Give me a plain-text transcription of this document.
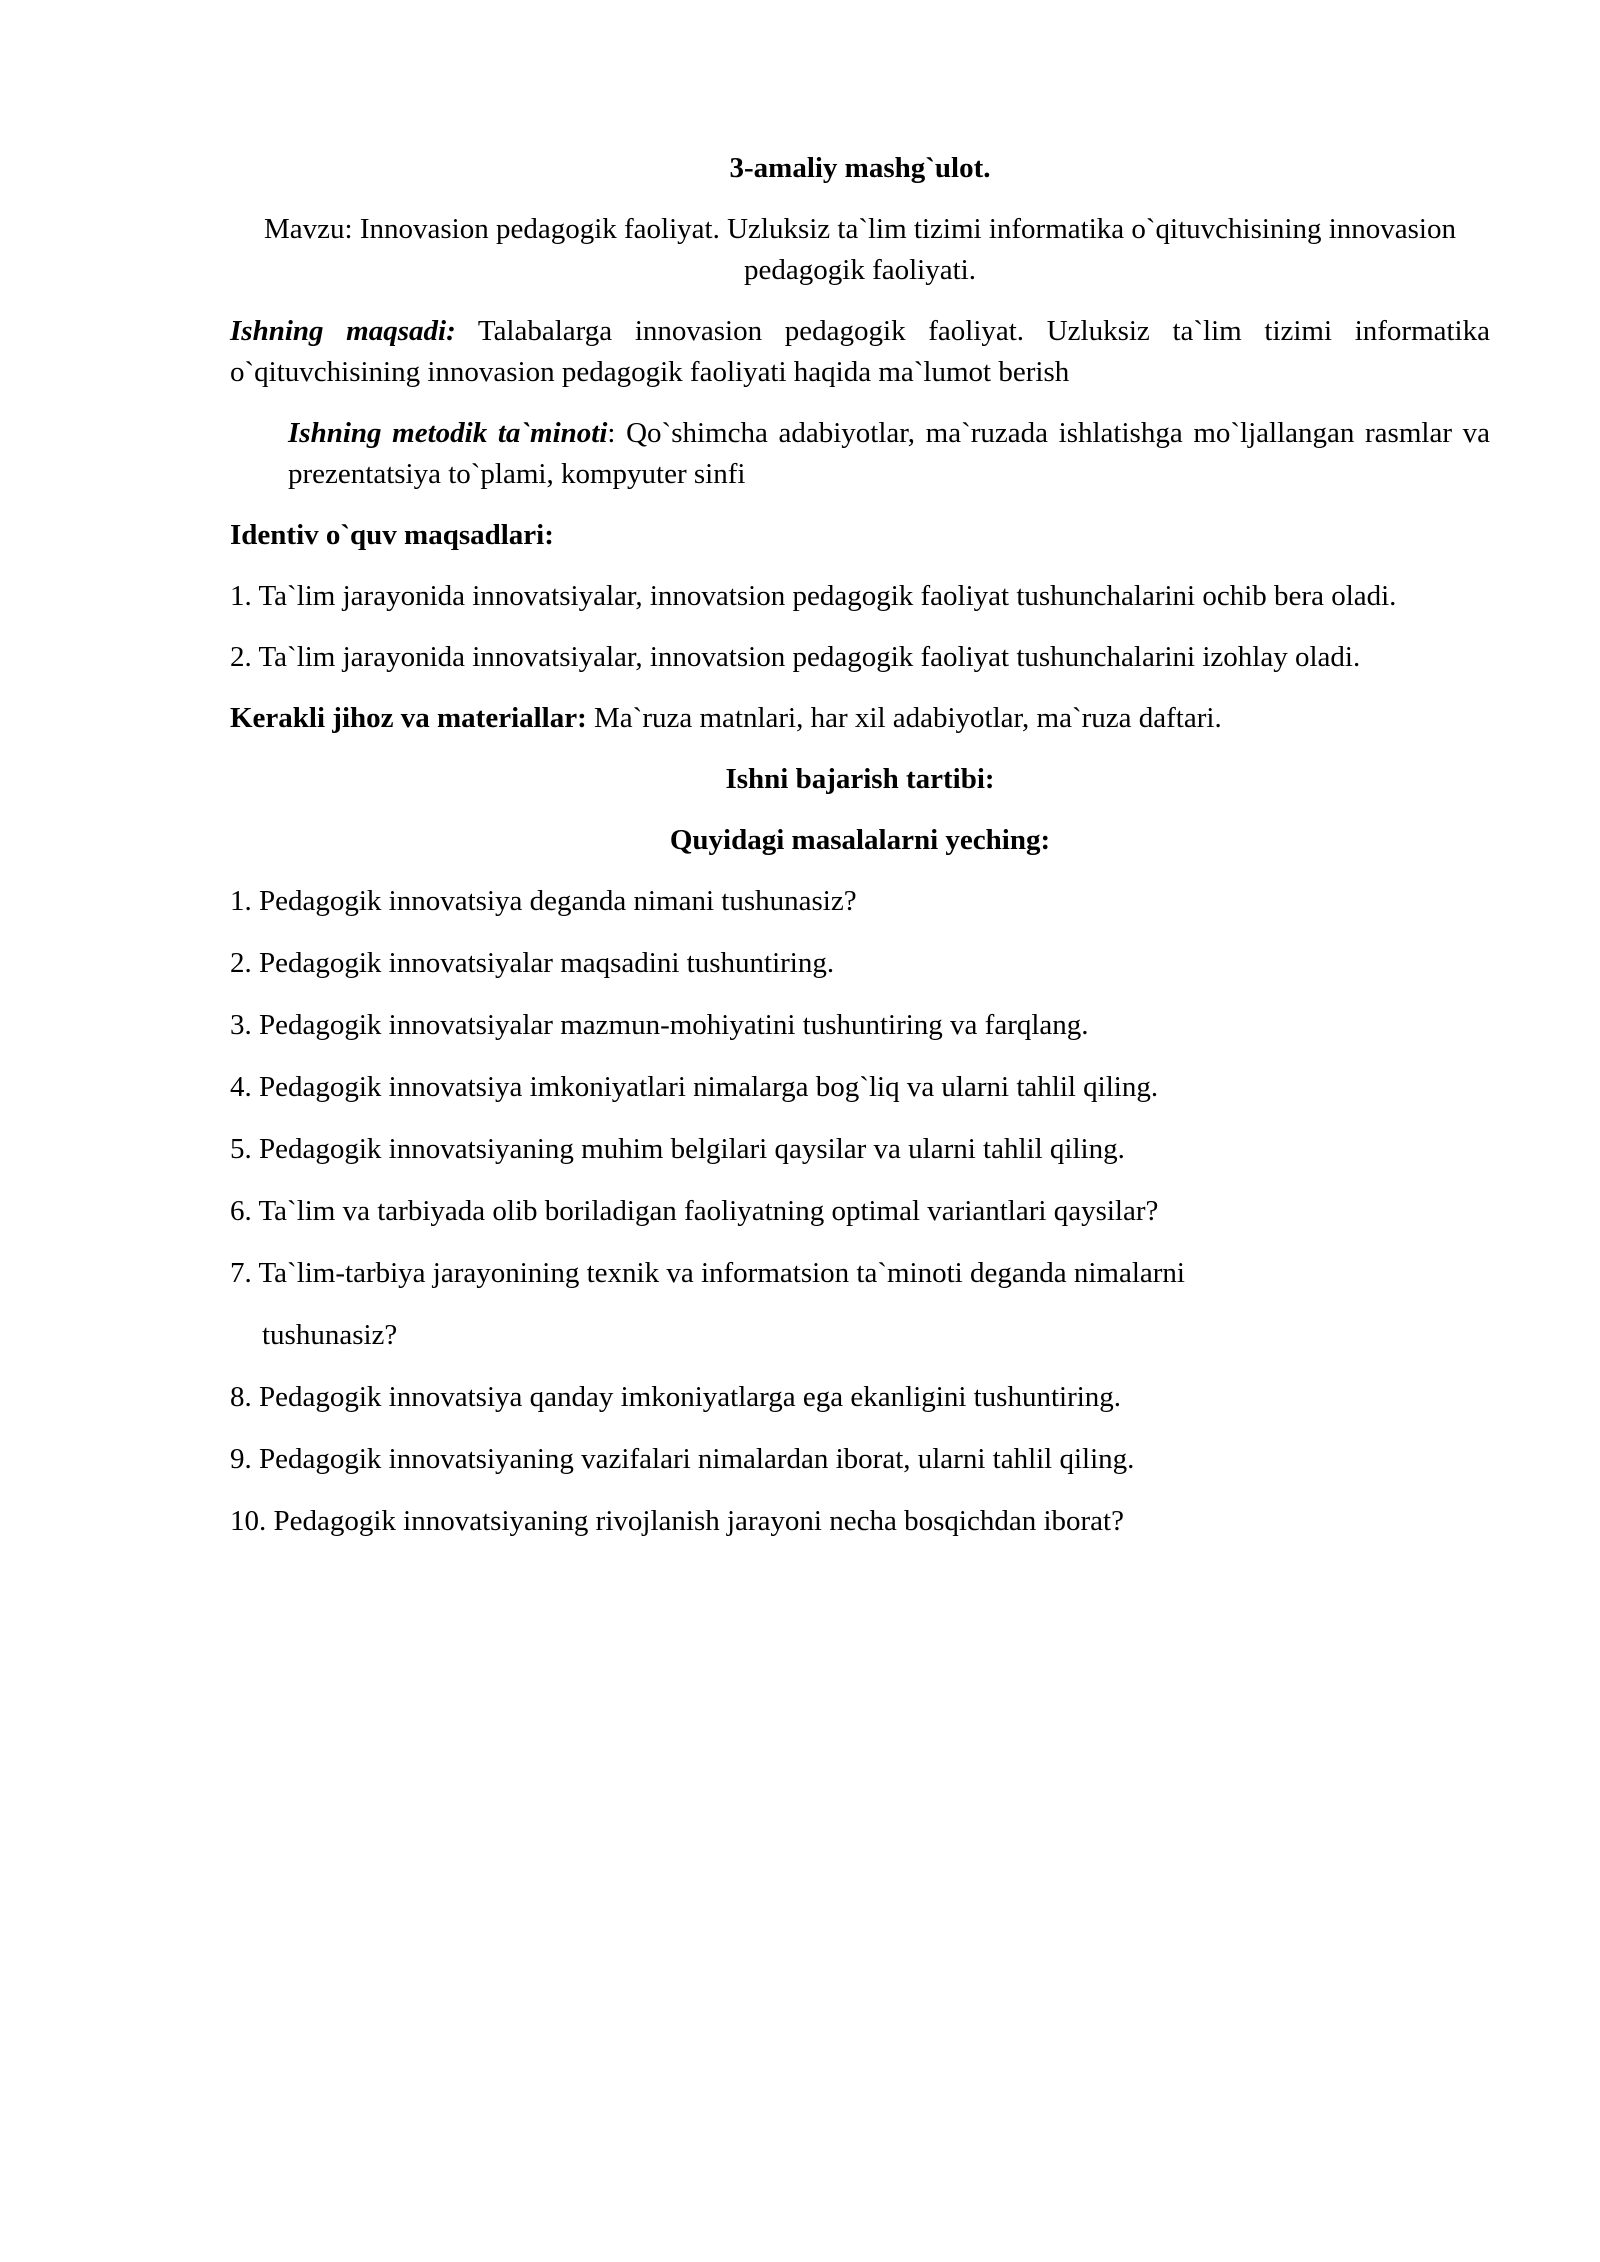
3-amaliy mashg`ulot.

Mavzu: Innovasion pedagogik faoliyat. Uzluksiz ta`lim tizimi informatika o`qituvchisining innovasion pedagogik faoliyati.

Ishning maqsadi: Talabalarga innovasion pedagogik faoliyat. Uzluksiz ta`lim tizimi informatika o`qituvchisining innovasion pedagogik faoliyati haqida ma`lumot berish

Ishning metodik ta`minoti: Qo`shimcha adabiyotlar, ma`ruzada ishlatishga mo`ljallangan rasmlar va prezentatsiya to`plami, kompyuter sinfi

Identiv o`quv maqsadlari:

1. Ta`lim jarayonida innovatsiyalar, innovatsion pedagogik faoliyat tushunchalarini ochib bera oladi.

2. Ta`lim jarayonida innovatsiyalar, innovatsion pedagogik faoliyat tushunchalarini izohlay oladi.

Kerakli jihoz va materiallar: Ma`ruza matnlari, har xil adabiyotlar, ma`ruza daftari.

Ishni bajarish tartibi:

Quyidagi masalalarni yeching:

1. Pedagogik innovatsiya deganda nimani tushunasiz?
2. Pedagogik innovatsiyalar maqsadini tushuntiring.
3. Pedagogik innovatsiyalar mazmun-mohiyatini tushuntiring va farqlang.
4. Pedagogik innovatsiya imkoniyatlari nimalarga bog`liq va ularni tahlil qiling.
5. Pedagogik innovatsiyaning muhim belgilari qaysilar va ularni tahlil qiling.
6. Ta`lim va tarbiyada olib boriladigan faoliyatning optimal variantlari qaysilar?
7. Ta`lim-tarbiya jarayonining texnik va informatsion ta`minoti deganda nimalarni
tushunasiz?
8. Pedagogik innovatsiya qanday imkoniyatlarga ega ekanligini tushuntiring.
9. Pedagogik innovatsiyaning vazifalari nimalardan iborat, ularni tahlil qiling.
10. Pedagogik innovatsiyaning rivojlanish jarayoni necha bosqichdan iborat?
